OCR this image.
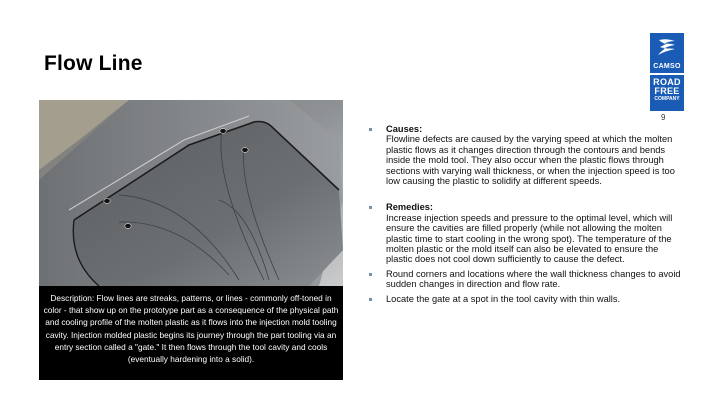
Flow Line	CAMSO
ROAD
FREE
COMPANY
9
Description: Flow lines are streaks, patterns, or lines - commonly off-toned in color - that show up on the prototype part as a consequence of the physical path and cooling profile of the molten plastic as it flows into the injection mold tooling cavity. Injection molded plastic begins its journey through the part tooling via an entry section called a "gate." It then flows through the tool cavity and cools (eventually hardening into a solid).
Causes:
Flowline defects are caused by the varying speed at which the molten plastic flows as it changes direction through the contours and bends inside the mold tool. They also occur when the plastic flows through sections with varying wall thickness, or when the injection speed is too low causing the plastic to solidify at different speeds.
Remedies:
Increase injection speeds and pressure to the optimal level, which will ensure the cavities are filled properly (while not allowing the molten plastic time to start cooling in the wrong spot). The temperature of the molten plastic or the mold itself can also be elevated to ensure the plastic does not cool down sufficiently to cause the defect.
Round corners and locations where the wall thickness changes to avoid sudden changes in direction and flow rate.
Locate the gate at a spot in the tool cavity with thin walls.
